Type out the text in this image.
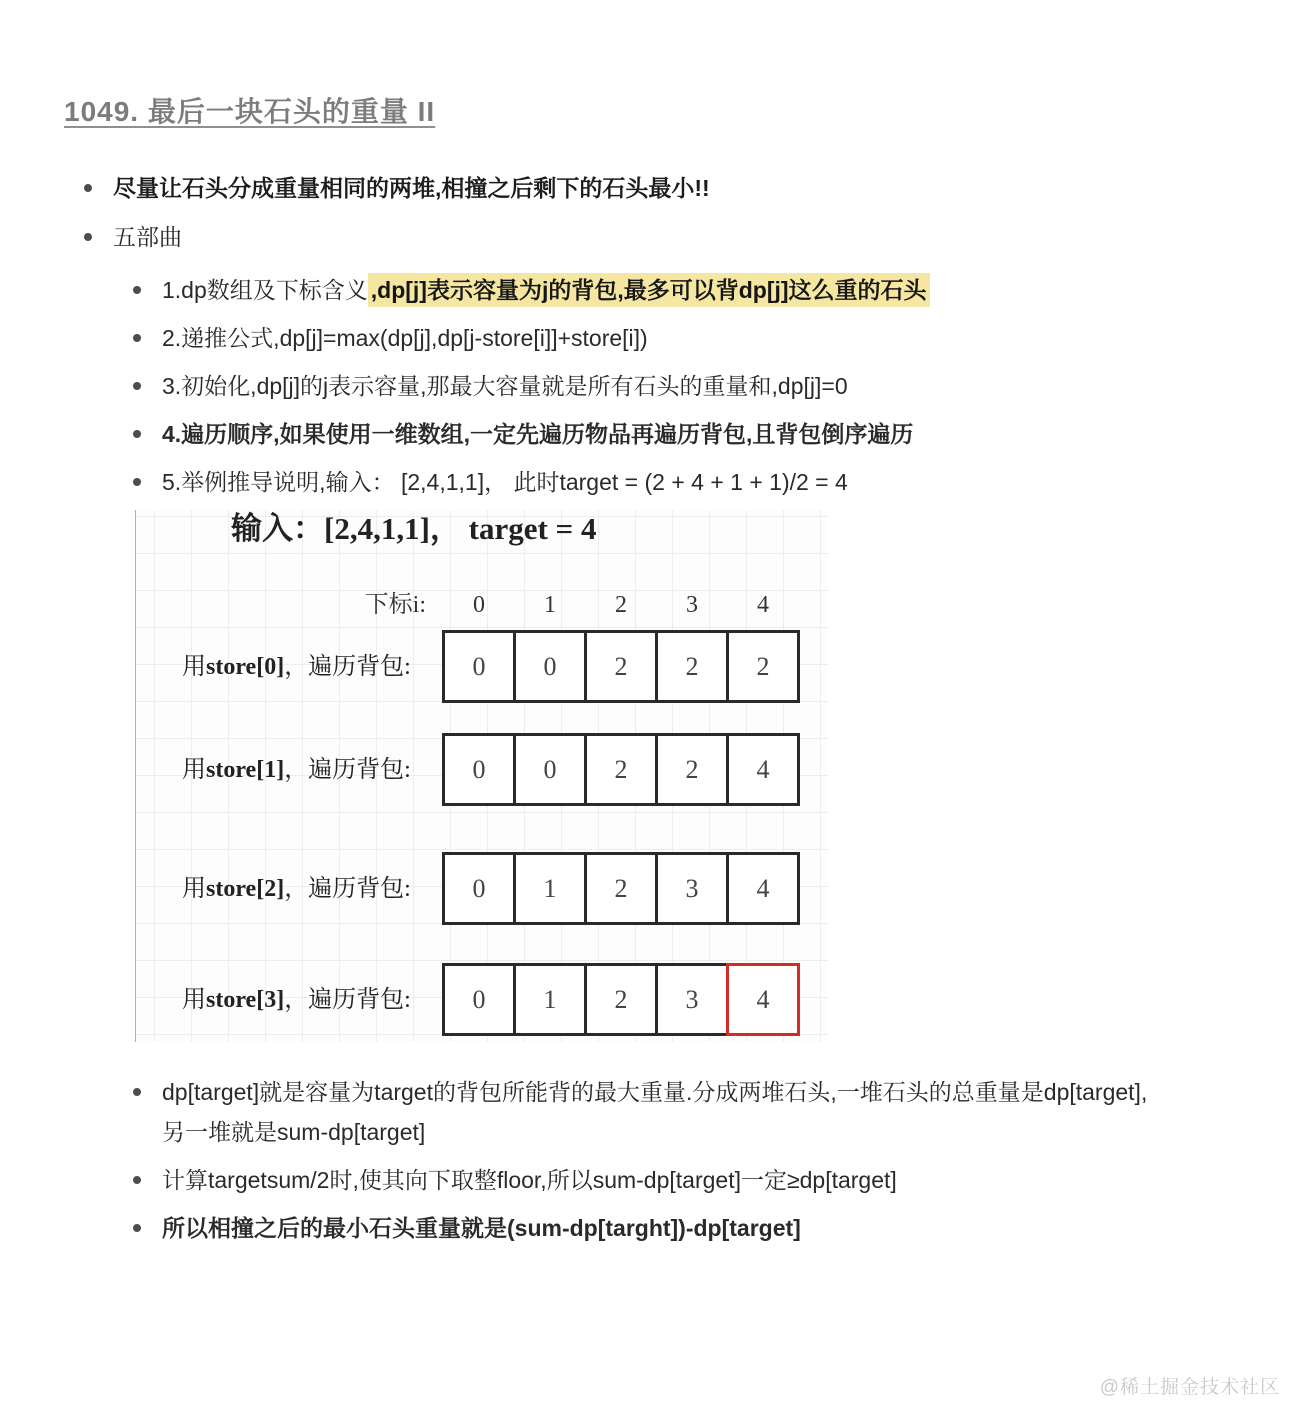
1049. 最后一块石头的重量 II
尽量让石头分成重量相同的两堆,相撞之后剩下的石头最小!!
五部曲
1.dp数组及下标含义 ,dp[j]表示容量为j的背包,最多可以背dp[j]这么重的石头
2.递推公式,dp[j]=max(dp[j],dp[j-store[i]]+store[i])
3.初始化,dp[j]的j表示容量,那最大容量就是所有石头的重量和,dp[j]=0
4.遍历顺序,如果使用一维数组,一定先遍历物品再遍历背包,且背包倒序遍历
5.举例推导说明,输入： [2,4,1,1]， 此时target = (2 + 4 + 1 + 1)/2 = 4
输入：[2,4,1,1]， target = 4
下标i:	0	1	2	3	4
用 store[0] ，遍历背包:	0	0	2	2	2
用 store[1] ，遍历背包:	0	0	2	2	4
用 store[2] ，遍历背包:	0	1	2	3	4
用 store[3] ，遍历背包:	0	1	2	3	4
dp[target]就是容量为target的背包所能背的最大重量.分成两堆石头,一堆石头的总重量是dp[target],另一堆就是sum-dp[target]
计算targetsum/2时,使其向下取整floor,所以sum-dp[target]一定≥dp[target]
所以相撞之后的最小石头重量就是(sum-dp[targht])-dp[target]
@稀土掘金技术社区
